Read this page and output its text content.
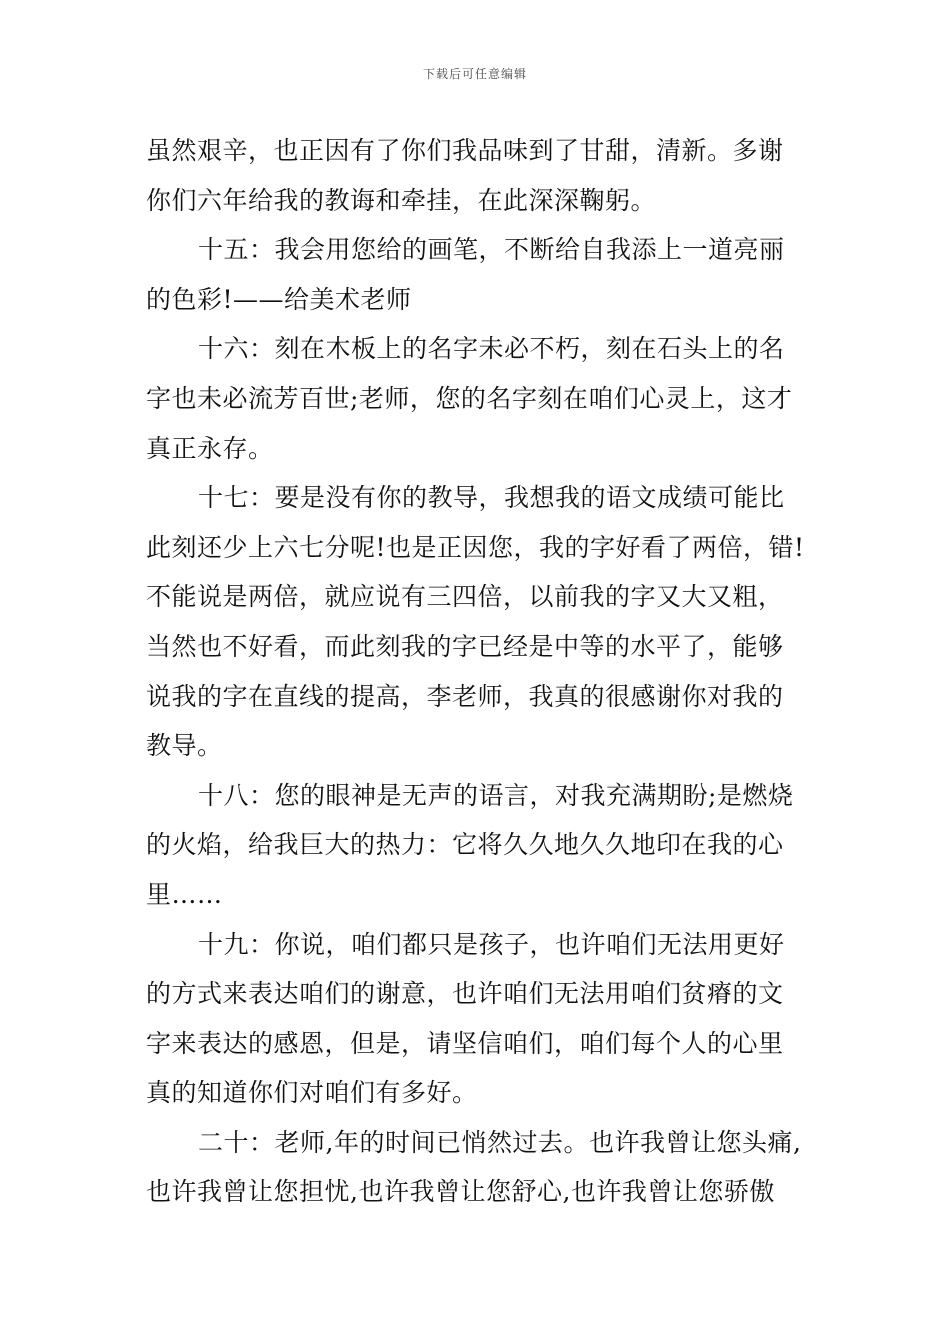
下载后可任意编辑

虽然艰辛，也正因有了你们我品味到了甘甜，清新。多谢
你们六年给我的教诲和牵挂，在此深深鞠躬。

十五：我会用您给的画笔，不断给自我添上一道亮丽
的色彩!——给美术老师

十六：刻在木板上的名字未必不朽，刻在石头上的名
字也未必流芳百世;老师，您的名字刻在咱们心灵上，这才
真正永存。

十七：要是没有你的教导，我想我的语文成绩可能比
此刻还少上六七分呢!也是正因您，我的字好看了两倍，错!
不能说是两倍，就应说有三四倍，以前我的字又大又粗，
当然也不好看，而此刻我的字已经是中等的水平了，能够
说我的字在直线的提高，李老师，我真的很感谢你对我的
教导。

十八：您的眼神是无声的语言，对我充满期盼;是燃烧
的火焰，给我巨大的热力：它将久久地久久地印在我的心
里……

十九：你说，咱们都只是孩子，也许咱们无法用更好
的方式来表达咱们的谢意，也许咱们无法用咱们贫瘠的文
字来表达的感恩，但是，请坚信咱们，咱们每个人的心里
真的知道你们对咱们有多好。

二十：老师,年的时间已悄然过去。也许我曾让您头痛,
也许我曾让您担忧,也许我曾让您舒心,也许我曾让您骄傲
